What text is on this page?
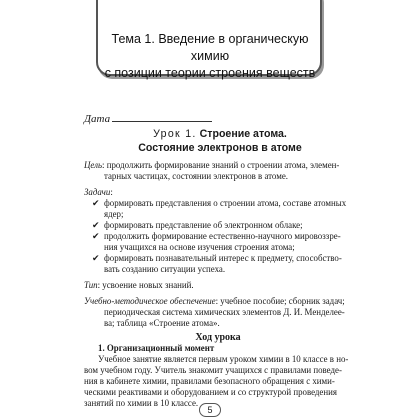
Тема 1. Введение в органическую химию
с позиции теории строения веществ
Дата
Урок 1. Строение атома.
Состояние электронов в атоме

Цель: продолжить формирование знаний о строении атома, элемен-

тарных частицах, состоянии электронов в атоме.

Задачи:

✔ формировать представления о строении атома, составе атомных
ядер;
✔ формировать представление об электронном облаке;
✔ продолжить формирование естественно-научного мировоззре-
ния учащихся на основе изучения строения атома;
✔ формировать познавательный интерес к предмету, способство-
вать созданию ситуации успеха.

Тип: усвоение новых знаний.

Учебно-методическое обеспечение: учебное пособие; сборник задач;

периодическая система химических элементов Д. И. Менделее-

ва; таблица «Строение атома».

Ход урока
1. Организационный момент

Учебное занятие является первым уроком химии в 10 классе в но-

вом учебном году. Учитель знакомит учащихся с правилами поведе-

ния в кабинете химии, правилами безопасного обращения с хими-

ческими реактивами и оборудованием и со структурой проведения

занятий по химии в 10 классе.

5
